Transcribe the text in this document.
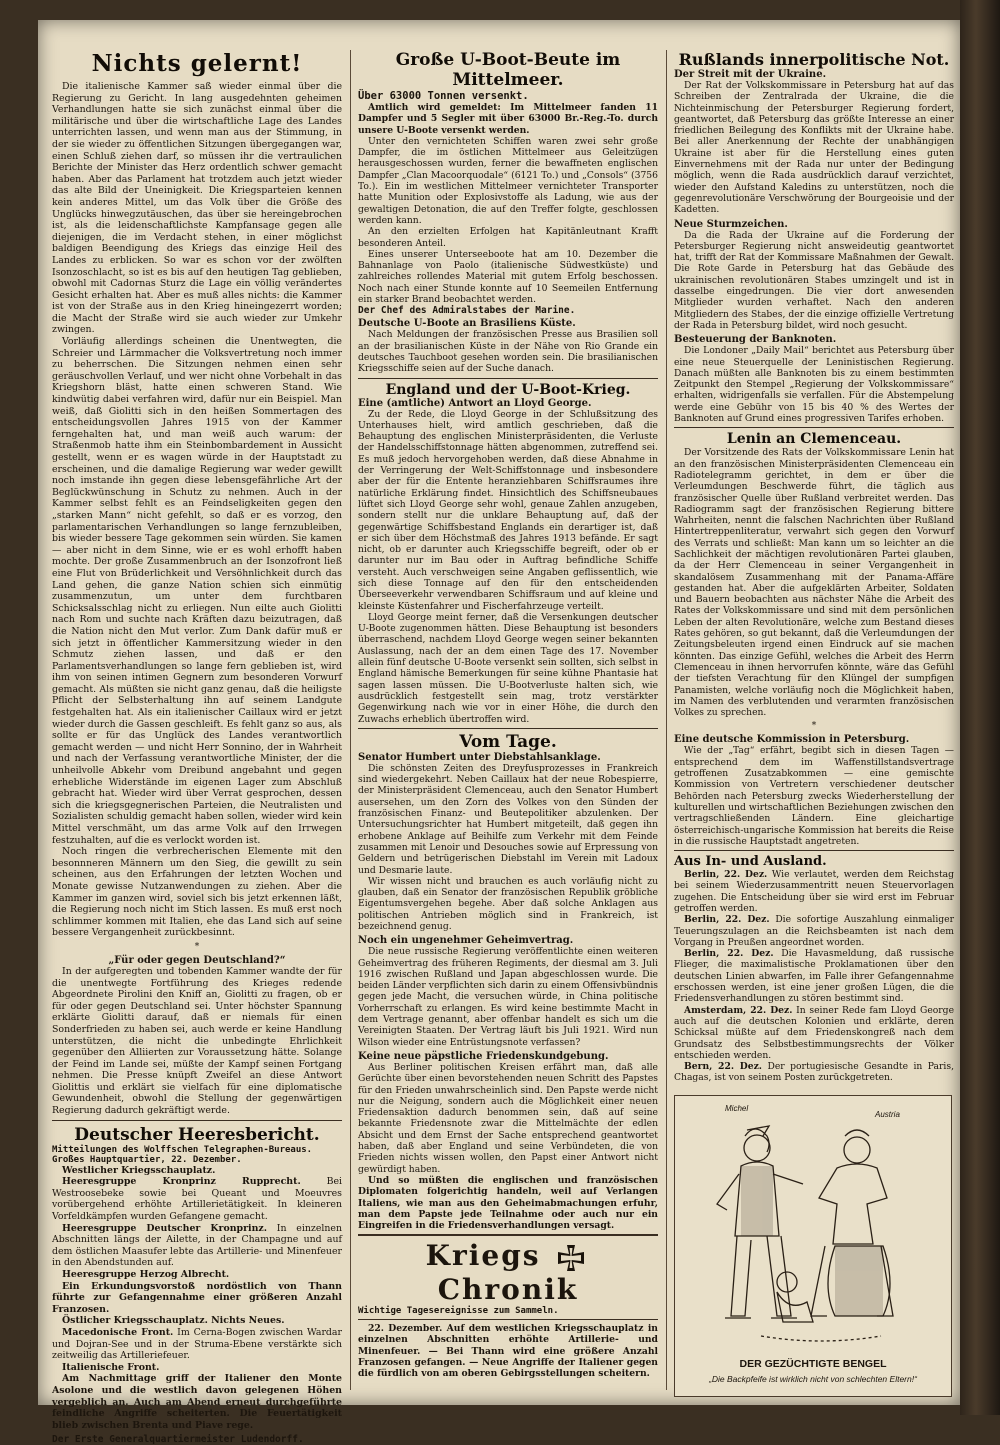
Nichts gelernt!

Die italienische Kammer saß wieder einmal über die Regierung zu Gericht. In lang ausgedehnten geheimen Verhandlungen hatte sie sich zunächst einmal über die militärische und über die wirtschaftliche Lage des Landes unterrichten lassen, und wenn man aus der Stimmung, in der sie wieder zu öffentlichen Sitzungen übergegangen war, einen Schluß ziehen darf, so müssen ihr die vertraulichen Berichte der Minister das Herz ordentlich schwer gemacht haben. Aber das Parlament hat trotzdem auch jetzt wieder das alte Bild der Uneinigkeit. Die Kriegsparteien kennen kein anderes Mittel, um das Volk über die Größe des Unglücks hinwegzutäuschen, das über sie hereingebrochen ist, als die leidenschaftlichste Kampfansage gegen alle diejenigen, die im Verdacht stehen, in einer möglichst baldigen Beendigung des Kriegs das einzige Heil des Landes zu erblicken. So war es schon vor der zwölften Isonzoschlacht, so ist es bis auf den heutigen Tag geblieben, obwohl mit Cadornas Sturz die Lage ein völlig verändertes Gesicht erhalten hat. Aber es muß alles nichts: die Kammer ist von der Straße aus in den Krieg hineingezerrt worden; die Macht der Straße wird sie auch wieder zur Umkehr zwingen.

Vorläufig allerdings scheinen die Unentwegten, die Schreier und Lärmmacher die Volksvertretung noch immer zu beherrschen. Die Sitzungen nehmen einen sehr geräuschvollen Verlauf, und wer nicht ohne Vorbehalt in das Kriegshorn bläst, hatte einen schweren Stand. Wie kindwütig dabei verfahren wird, dafür nur ein Beispiel. Man weiß, daß Giolitti sich in den heißen Sommertagen des entscheidungsvollen Jahres 1915 von der Kammer ferngehalten hat, und man weiß auch warum: der Straßenmob hatte ihm ein Steinbombardement in Aussicht gestellt, wenn er es wagen würde in der Hauptstadt zu erscheinen, und die damalige Regierung war weder gewillt noch imstande ihn gegen diese lebensgefährliche Art der Beglückwünschung in Schutz zu nehmen. Auch in der Kammer selbst fehlt es an Feindseligkeiten gegen den „starken Mann“ nicht gefehlt, so daß er es vorzog, den parlamentarischen Verhandlungen so lange fernzubleiben, bis wieder bessere Tage gekommen sein würden. Sie kamen — aber nicht in dem Sinne, wie er es wohl erhofft haben mochte. Der große Zusammenbruch an der Isonzofront ließ eine Flut von Brüderlichkeit und Versöhnlichkeit durch das Land gehen, die ganze Nation schien sich einmütig zusammenzutun, um unter dem furchtbaren Schicksalsschlag nicht zu erliegen. Nun eilte auch Giolitti nach Rom und suchte nach Kräften dazu beizutragen, daß die Nation nicht den Mut verlor. Zum Dank dafür muß er sich jetzt in öffentlicher Kammersitzung wieder in den Schmutz ziehen lassen, und daß er den Parlamentsverhandlungen so lange fern geblieben ist, wird ihm von seinen intimen Gegnern zum besonderen Vorwurf gemacht. Als müßten sie nicht ganz genau, daß die heiligste Pflicht der Selbsterhaltung ihn auf seinem Landgute festgehalten hat. Als ein italienischer Caillaux wird er jetzt wieder durch die Gassen geschleift. Es fehlt ganz so aus, als sollte er für das Unglück des Landes verantwortlich gemacht werden — und nicht Herr Sonnino, der in Wahrheit und nach der Verfassung verantwortliche Minister, der die unheilvolle Abkehr vom Dreibund angebahnt und gegen erhebliche Widerstände im eigenen Lager zum Abschluß gebracht hat. Wieder wird über Verrat gesprochen, dessen sich die kriegsgegnerischen Parteien, die Neutralisten und Sozialisten schuldig gemacht haben sollen, wieder wird kein Mittel verschmäht, um das arme Volk auf den Irrwegen festzuhalten, auf die es verlockt worden ist.

Noch ringen die verbrecherischen Elemente mit den besonnneren Männern um den Sieg, die gewillt zu sein scheinen, aus den Erfahrungen der letzten Wochen und Monate gewisse Nutzanwendungen zu ziehen. Aber die Kammer im ganzen wird, soviel sich bis jetzt erkennen läßt, die Regierung noch nicht im Stich lassen. Es muß erst noch schlimmer kommen mit Italien, ehe das Land sich auf seine bessere Vergangenheit zurückbesinnt.

*
„Für oder gegen Deutschland?“

In der aufgeregten und tobenden Kammer wandte der für die unentwegte Fortführung des Krieges redende Abgeordnete Pirolini den Kniff an, Giolitti zu fragen, ob er für oder gegen Deutschland sei. Unter höchster Spannung erklärte Giolitti darauf, daß er niemals für einen Sonderfrieden zu haben sei, auch werde er keine Handlung unterstützen, die nicht die unbedingte Ehrlichkeit gegenüber den Alliierten zur Voraussetzung hätte. Solange der Feind im Lande sei, müßte der Kampf seinen Fortgang nehmen. Die Presse knüpft Zweifel an diese Antwort Giolittis und erklärt sie vielfach für eine diplomatische Gewundenheit, obwohl die Stellung der gegenwärtigen Regierung dadurch gekräftigt werde.

Deutscher Heeresbericht.
Mitteilungen des Wolffschen Telegraphen-Bureaus.
Großes Hauptquartier, 22. Dezember.

Westlicher Kriegsschauplatz.

Heeresgruppe Kronprinz Rupprecht.	Bei Westroosebeke sowie bei Queant und Moeuvres vorübergehend erhöhte Artillerietätigkeit. In kleineren Vorfeldkämpfen wurden Gefangene gemacht.

Heeresgruppe Deutscher Kronprinz. In einzelnen Abschnitten längs der Ailette, in der Champagne und auf dem östlichen Maasufer lebte das Artillerie- und Minenfeuer in den Abendstunden auf.

Heeresgruppe Herzog Albrecht.

Ein Erkundungsvorstoß nordöstlich von Thann führte zur Gefangennahme einer größeren Anzahl Franzosen.

Östlicher Kriegsschauplatz. Nichts Neues.

Macedonische Front. Im Cerna-Bogen zwischen Wardar und Dojran-See und in der Struma-Ebene verstärkte sich zeitweilig das Artilleriefeuer.

Italienische Front.

Am Nachmittage griff der Italiener den Monte Asolone und die westlich davon gelegenen Höhen vergeblich an. Auch am Abend erneut durchgeführte feindliche Angriffe scheiterten. Die Feuertätigkeit blieb zwischen Brenta und Piave rege.

Der Erste Generalquartiermeister Ludendorff.
Große U-Boot-Beute im Mittelmeer.
Über 63000 Tonnen versenkt.

Amtlich wird gemeldet: Im Mittelmeer fanden 11 Dampfer und 5 Segler mit über 63000 Br.-Reg.-To. durch unsere U-Boote versenkt werden.

Unter den vernichteten Schiffen waren zwei sehr große Dampfer, die im östlichen Mittelmeer aus Geleitzügen herausgeschossen wurden, ferner die bewaffneten englischen Dampfer „Clan Macoorquodale“ (6121 To.) und „Consols“ (3756 To.). Ein im westlichen Mittelmeer vernichteter Transporter hatte Munition oder Explosivstoffe als Ladung, wie aus der gewaltigen Detonation, die auf den Treffer folgte, geschlossen werden kann.

An den erzielten Erfolgen hat Kapitänleutnant Krafft besonderen Anteil.

Eines unserer Unterseeboote hat am 10. Dezember die Bahnanlage von Paolo (italienische Südwestküste) und zahlreiches rollendes Material mit gutem Erfolg beschossen. Noch nach einer Stunde konnte auf 10 Seemeilen Entfernung ein starker Brand beobachtet werden.

Der Chef des Admiralstabes der Marine.
Deutsche U-Boote an Brasiliens Küste.

Nach Meldungen der französischen Presse aus Brasilien soll an der brasilianischen Küste in der Nähe von Rio Grande ein deutsches Tauchboot gesehen worden sein. Die brasilianischen Kriegsschiffe seien auf der Suche danach.

England und der U-Boot-Krieg.
Eine (amtliche) Antwort an Lloyd George.

Zu der Rede, die Lloyd George in der Schlußsitzung des Unterhauses hielt, wird amtlich geschrieben, daß die Behauptung des englischen Ministerpräsidenten, die Verluste der Handelsschiffstonnage hätten abgenommen, zutreffend sei. Es muß jedoch hervorgehoben werden, daß diese Abnahme in der Verringerung der Welt-Schiffstonnage und insbesondere aber der für die Entente heranziehbaren Schiffsraumes ihre natürliche Erklärung findet. Hinsichtlich des Schiffsneubaues lüftet sich Lloyd George sehr wohl, genaue Zahlen anzugeben, sondern stellt nur die unklare Behauptung auf, daß der gegenwärtige Schiffsbestand Englands ein derartiger ist, daß er sich über dem Höchstmaß des Jahres 1913 befände. Er sagt nicht, ob er darunter auch Kriegsschiffe begreift, oder ob er darunter nur im Bau oder in Auftrag befindliche Schiffe versteht. Auch verschweigen seine Angaben geflissentlich, wie sich diese Tonnage auf den für den entscheidenden Überseeverkehr verwendbaren Schiffsraum und auf kleine und kleinste Küstenfahrer und Fischerfahrzeuge verteilt.

Lloyd George meint ferner, daß die Versenkungen deutscher U-Boote zugenommen hätten. Diese Behauptung ist besonders überraschend, nachdem Lloyd George wegen seiner bekannten Auslassung, nach der an dem einen Tage des 17. November allein fünf deutsche U-Boote versenkt sein sollten, sich selbst in England hämische Bemerkungen für seine kühne Phantasie hat sagen lassen müssen. Die U-Bootverluste halten sich, wie ausdrücklich festgestellt sein mag, trotz verstärkter Gegenwirkung nach wie vor in einer Höhe, die durch den Zuwachs erheblich übertroffen wird.

Vom Tage.
Senator Humbert unter Diebstahlsanklage.

Die schönsten Zeiten des Dreyfusprozesses in Frankreich sind wiedergekehrt. Neben Caillaux hat der neue Robespierre, der Ministerpräsident Clemenceau, auch den Senator Humbert ausersehen, um den Zorn des Volkes von den Sünden der französischen Finanz- und Beutepolitiker abzulenken. Der Untersuchungsrichter hat Humbert mitgeteilt, daß gegen ihn erhobene Anklage auf Beihilfe zum Verkehr mit dem Feinde zusammen mit Lenoir und Desouches sowie auf Erpressung von Geldern und betrügerischen Diebstahl im Verein mit Ladoux und Desmarie laute.

Wir wissen nicht und brauchen es auch vorläufig nicht zu glauben, daß ein Senator der französischen Republik gröbliche Eigentumsvergehen begehe. Aber daß solche Anklagen aus politischen Antrieben möglich sind in Frankreich, ist bezeichnend genug.

Noch ein ungenehmer Geheimvertrag.

Die neue russische Regierung veröffentlichte einen weiteren Geheimvertrag des früheren Regiments, der diesmal am 3. Juli 1916 zwischen Rußland und Japan abgeschlossen wurde. Die beiden Länder verpflichten sich darin zu einem Offensivbündnis gegen jede Macht, die versuchen würde, in China politische Vorherrschaft zu erlangen. Es wird keine bestimmte Macht in dem Vertrage genannt, aber offenbar handelt es sich um die Vereinigten Staaten. Der Vertrag läuft bis Juli 1921. Wird nun Wilson wieder eine Entrüstungsnote verfassen?

Keine neue päpstliche Friedenskundgebung.

Aus Berliner politischen Kreisen erfährt man, daß alle Gerüchte über einen bevorstehenden neuen Schritt des Papstes für den Frieden unwahrscheinlich sind. Den Papste werde nicht nur die Neigung, sondern auch die Möglichkeit einer neuen Friedensaktion dadurch benommen sein, daß auf seine bekannte Friedensnote zwar die Mittelmächte der edlen Absicht und dem Ernst der Sache entsprechend geantwortet haben, daß aber England und seine Verbündeten, die von Frieden nichts wissen wollen, den Papst einer Antwort nicht gewürdigt haben.

Und so müßten die englischen und französischen Diplomaten folgerichtig handeln, weil auf Verlangen Italiens, wie man aus den Geheimabmachungen erfuhr, man dem Papste jede Teilnahme oder auch nur ein Eingreifen in die Friedensverhandlungen versagt.

Kriegs  Chronik
Wichtige Tagesereignisse zum Sammeln.

22. Dezember. Auf dem westlichen Kriegsschauplatz in einzelnen Abschnitten erhöhte Artillerie- und Minenfeuer. — Bei Thann wird eine größere Anzahl Franzosen gefangen. — Neue Angriffe der Italiener gegen die fürdlich von am oberen Gebirgsstellungen scheitern.

Rußlands innerpolitische Not.
Der Streit mit der Ukraine.

Der Rat der Volkskommissare in Petersburg hat auf das Schreiben der Zentralrada der Ukraine, die die Nichteinmischung der Petersburger Regierung fordert, geantwortet, daß Petersburg das größte Interesse an einer friedlichen Beilegung des Konflikts mit der Ukraine habe. Bei aller Anerkennung der Rechte der unabhängigen Ukraine ist aber für die Herstellung eines guten Einvernehmens mit der Rada nur unter der Bedingung möglich, wenn die Rada ausdrücklich darauf verzichtet, wieder den Aufstand Kaledins zu unterstützen, noch die gegenrevolutionäre Verschwörung der Bourgeoisie und der Kadetten.

Neue Sturmzeichen.

Da die Rada der Ukraine auf die Forderung der Petersburger Regierung nicht answeideutig geantwortet hat, trifft der Rat der Kommissare Maßnahmen der Gewalt. Die Rote Garde in Petersburg hat das Gebäude des ukrainischen revolutionären Stabes umzingelt und ist in dasselbe eingedrungen. Die vier dort anwesenden Mitglieder wurden verhaftet. Nach den anderen Mitgliedern des Stabes, der die einzige offizielle Vertretung der Rada in Petersburg bildet, wird noch gesucht.

Besteuerung der Banknoten.

Die Londoner „Daily Mail“ berichtet aus Petersburg über eine neue Steuerquelle der Leninistischen Regierung. Danach müßten alle Banknoten bis zu einem bestimmten Zeitpunkt den Stempel „Regierung der Volkskommissare“ erhalten, widrigenfalls sie verfallen. Für die Abstempelung werde eine Gebühr von 15 bis 40 % des Wertes der Banknoten auf Grund eines progressiven Tarifes erhoben.

Lenin an Clemenceau.

Der Vorsitzende des Rats der Volkskommissare Lenin hat an den französischen Ministerpräsidenten Clemenceau ein Radiotelegramm gerichtet, in dem er über die Verleumdungen Beschwerde führt, die täglich aus französischer Quelle über Rußland verbreitet werden. Das Radiogramm sagt der französischen Regierung bittere Wahrheiten, nennt die falschen Nachrichten über Rußland Hintertreppenliteratur, verwahrt sich gegen den Vorwurf des Verrats und schließt: Man kann um so leichter an die Sachlichkeit der mächtigen revolutionären Partei glauben, da der Herr Clemenceau in seiner Vergangenheit in skandalösem Zusammenhang mit der Panama-Affäre gestanden hat. Aber die aufgeklärten Arbeiter, Soldaten und Bauern beobachten aus nächster Nähe die Arbeit des Rates der Volkskommissare und sind mit dem persönlichen Leben der alten Revolutionäre, welche zum Bestand dieses Rates gehören, so gut bekannt, daß die Verleumdungen der Zeitungsbeleuten irgend einen Eindruck auf sie machen könnten. Das einzige Gefühl, welches die Arbeit des Herrn Clemenceau in ihnen hervorrufen könnte, wäre das Gefühl der tiefsten Verachtung für den Klüngel der sumpfigen Panamisten, welche vorläufig noch die Möglichkeit haben, im Namen des verblutenden und verarmten französischen Volkes zu sprechen.

*
Eine deutsche Kommission in Petersburg.

Wie der „Tag“ erfährt, begibt sich in diesen Tagen — entsprechend dem im Waffenstillstandsvertrage getroffenen Zusatzabkommen — eine gemischte Kommission von Vertretern verschiedener deutscher Behörden nach Petersburg zwecks Wiederherstellung der kulturellen und wirtschaftlichen Beziehungen zwischen den vertragschließenden Ländern. Eine gleichartige österreichisch-ungarische Kommission hat bereits die Reise in die russische Hauptstadt angetreten.

Aus In- und Ausland.

Berlin, 22. Dez. Wie verlautet, werden dem Reichstag bei seinem Wiederzusammentritt neuen Steuervorlagen zugehen. Die Entscheidung über sie wird erst im Februar getroffen werden.

Berlin, 22. Dez. Die sofortige Auszahlung einmaliger Teuerungszulagen an die Reichsbeamten ist nach dem Vorgang in Preußen angeordnet worden.

Berlin, 22. Dez. Die Havasmeldung, daß russische Flieger, die maximalistische Proklamationen über den deutschen Linien abwarfen, im Falle ihrer Gefangennahme erschossen werden, ist eine jener großen Lügen, die die Friedensverhandlungen zu stören bestimmt sind.

Amsterdam, 22. Dez. In seiner Rede fam Lloyd George auch auf die deutschen Kolonien und erklärte, deren Schicksal müßte auf dem Friedenskongreß nach dem Grundsatz des Selbstbestimmungsrechts der Völker entschieden werden.

Bern, 22. Dez. Der portugiesische Gesandte in Paris, Chagas, ist von seinem Posten zurückgetreten.

Michel
Austria
DER GEZÜCHTIGTE BENGEL
„Die Backpfeife ist wirklich nicht von schlechten Eltern!“
